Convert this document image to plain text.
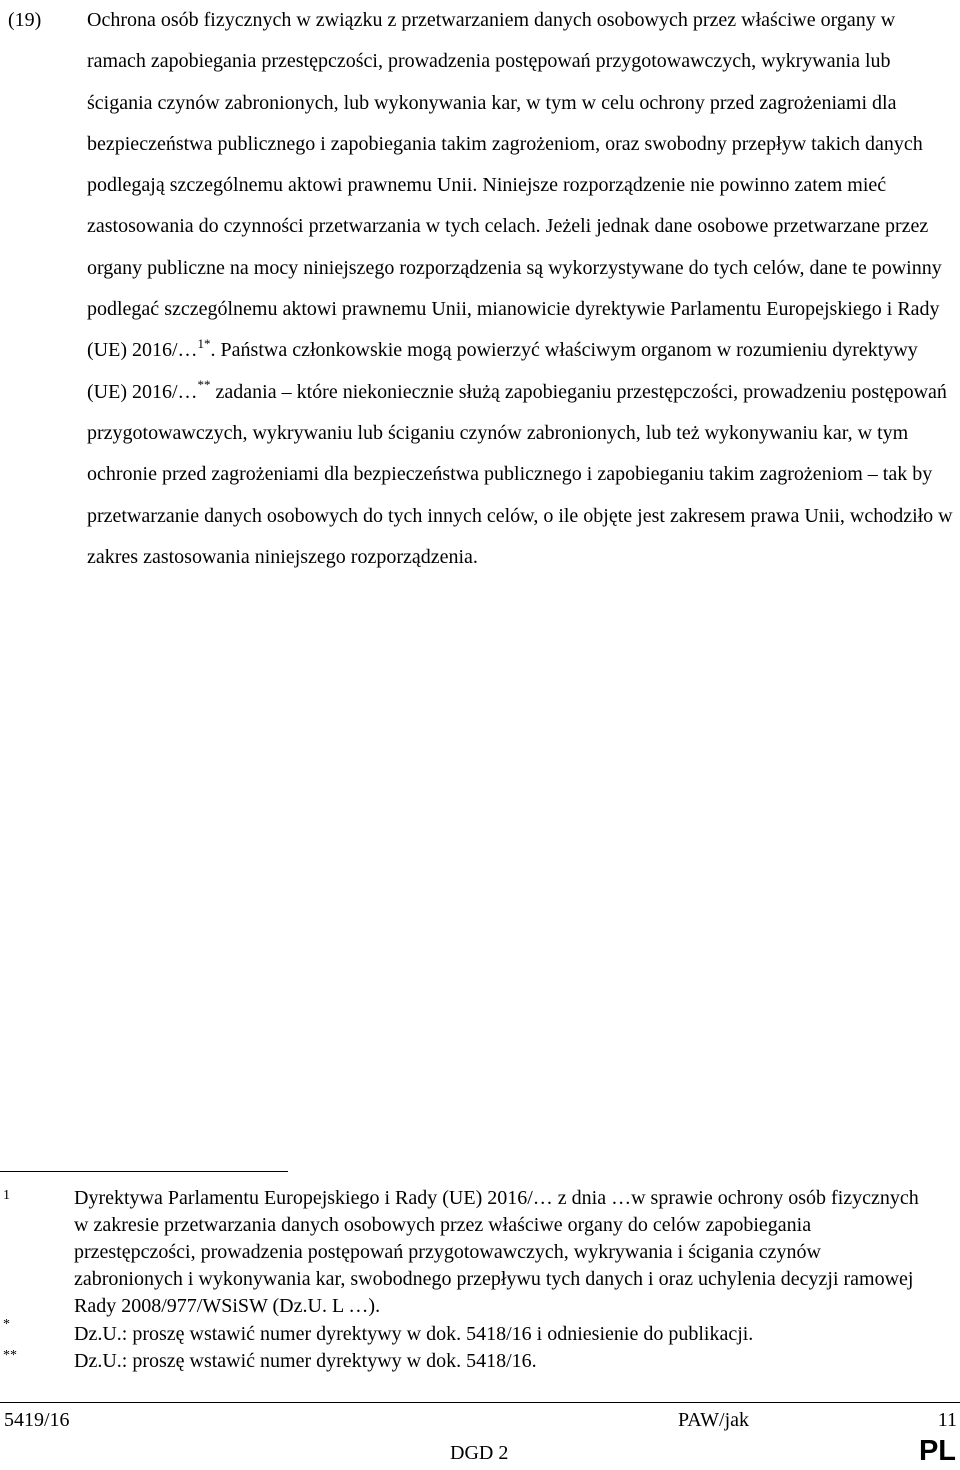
(19) Ochrona osób fizycznych w związku z przetwarzaniem danych osobowych przez właściwe organy w ramach zapobiegania przestępczości, prowadzenia postępowań przygotowawczych, wykrywania lub ścigania czynów zabronionych, lub wykonywania kar, w tym w celu ochrony przed zagrożeniami dla bezpieczeństwa publicznego i zapobiegania takim zagrożeniom, oraz swobodny przepływ takich danych podlegają szczególnemu aktowi prawnemu Unii. Niniejsze rozporządzenie nie powinno zatem mieć zastosowania do czynności przetwarzania w tych celach. Jeżeli jednak dane osobowe przetwarzane przez organy publiczne na mocy niniejszego rozporządzenia są wykorzystywane do tych celów, dane te powinny podlegać szczególnemu aktowi prawnemu Unii, mianowicie dyrektywie Parlamentu Europejskiego i Rady (UE) 2016/…$^{1*}$. Państwa członkowskie mogą powierzyć właściwym organom w rozumieniu dyrektywy (UE) 2016/…** zadania – które niekoniecznie służą zapobieganiu przestępczości, prowadzeniu postępowań przygotowawczych, wykrywaniu lub ściganiu czynów zabronionych, lub też wykonywaniu kar, w tym ochronie przed zagrożeniami dla bezpieczeństwa publicznego i zapobieganiu takim zagrożeniom – tak by przetwarzanie danych osobowych do tych innych celów, o ile objęte jest zakresem prawa Unii, wchodziło w zakres zastosowania niniejszego rozporządzenia.

1	Dyrektywa Parlamentu Europejskiego i Rady (UE) 2016/… z dnia …w sprawie ochrony osób fizycznych w zakresie przetwarzania danych osobowych przez właściwe organy do celów zapobiegania przestępczości, prowadzenia postępowań przygotowawczych, wykrywania i ścigania czynów zabronionych i wykonywania kar, swobodnego przepływu tych danych i oraz uchylenia decyzji ramowej Rady 2008/977/WSiSW (Dz.U. L …).
*	Dz.U.: proszę wstawić numer dyrektywy w dok. 5418/16 i odniesienie do publikacji.
**	Dz.U.: proszę wstawić numer dyrektywy w dok. 5418/16.
5419/16	PAW/jak	11
DGD 2	PL
